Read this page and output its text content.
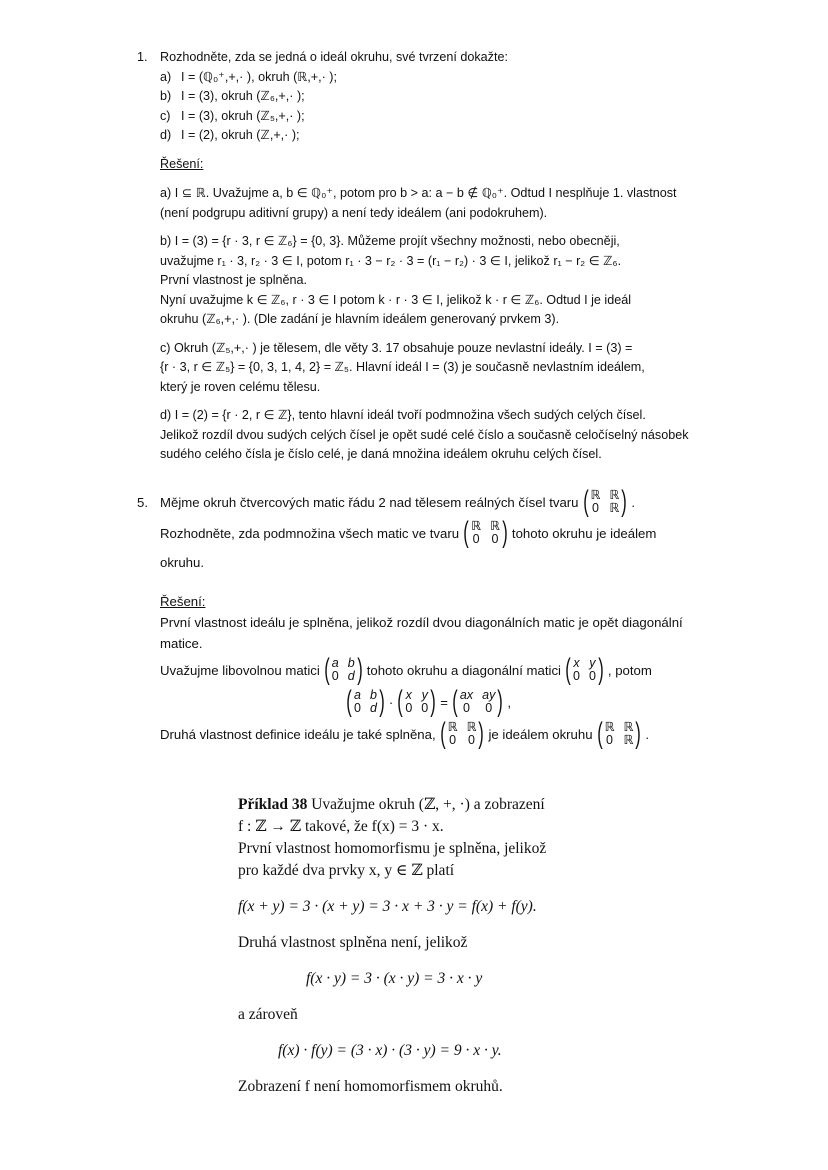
1. Rozhodněte, zda se jedná o ideál okruhu, své tvrzení dokažte:
a) I = (ℚ₀⁺,+,· ), okruh (ℝ,+,· );
b) I = (3), okruh (ℤ₆,+,· );
c) I = (3), okruh (ℤ₅,+,· );
d) I = (2), okruh (ℤ,+,· );
Řešení:
a) I ⊆ ℝ. Uvažujme a, b ∈ ℚ₀⁺, potom pro b > a: a − b ∉ ℚ₀⁺. Odtud I nesplňuje 1. vlastnost
(není podgrupu aditivní grupy) a není tedy ideálem (ani podokruhem).
b) I = (3) = {r · 3, r ∈ ℤ₆} = {0, 3}. Můžeme projít všechny možnosti, nebo obecněji,
uvažujme r₁ · 3, r₂ · 3 ∈ I, potom r₁ · 3 − r₂ · 3 = (r₁ − r₂) · 3 ∈ I, jelikož r₁ − r₂ ∈ ℤ₆.
První vlastnost je splněna.
Nyní uvažujme k ∈ ℤ₆, r · 3 ∈ I potom k · r · 3 ∈ I, jelikož k · r ∈ ℤ₆. Odtud I je ideál
okruhu (ℤ₆,+,· ). (Dle zadání je hlavním ideálem generovaný prvkem 3).
c) Okruh (ℤ₅,+,· ) je tělesem, dle věty 3. 17 obsahuje pouze nevlastní ideály. I = (3) =
{r · 3, r ∈ ℤ₅} = {0, 3, 1, 4, 2} = ℤ₅. Hlavní ideál I = (3) je současně nevlastním ideálem,
který je roven celému tělesu.
d) I = (2) = {r · 2, r ∈ ℤ}, tento hlavní ideál tvoří podmnožina všech sudých celých čísel.
Jelikož rozdíl dvou sudých celých čísel je opět sudé celé číslo a současně celočíselný násobek
sudého celého čísla je číslo celé, je daná množina ideálem okruhu celých čísel.
5. Mějme okruh čtvercových matic řádu 2 nad tělesem reálných čísel tvaru ( ℝ ℝ
0 ℝ ) .
Rozhodněte, zda podmnožina všech matic ve tvaru ( ℝ ℝ
0 0 ) tohoto okruhu je ideálem
okruhu.
Řešení:
První vlastnost ideálu je splněna, jelikož rozdíl dvou diagonálních matic je opět diagonální
matice.
Uvažujme libovolnou matici ( a b
0 d ) tohoto okruhu a diagonální matici ( x y
0 0 ) , potom
( a b
0 d ) · ( x y
0 0 ) = ( ax ay
0 0 ) ,
Druhá vlastnost definice ideálu je také splněna, ( ℝ ℝ
0 0 ) je ideálem okruhu ( ℝ ℝ
0 ℝ ) .
Příklad 38 Uvažujme okruh (ℤ, +, ·) a zobrazení
f : ℤ → ℤ takové, že f(x) = 3 · x.
První vlastnost homomorfismu je splněna, jelikož
pro každé dva prvky x, y ∈ ℤ platí
f(x + y) = 3 · (x + y) = 3 · x + 3 · y = f(x) + f(y).
Druhá vlastnost splněna není, jelikož
f(x · y) = 3 · (x · y) = 3 · x · y
a zároveň
f(x) · f(y) = (3 · x) · (3 · y) = 9 · x · y.
Zobrazení f není homomorfismem okruhů.
